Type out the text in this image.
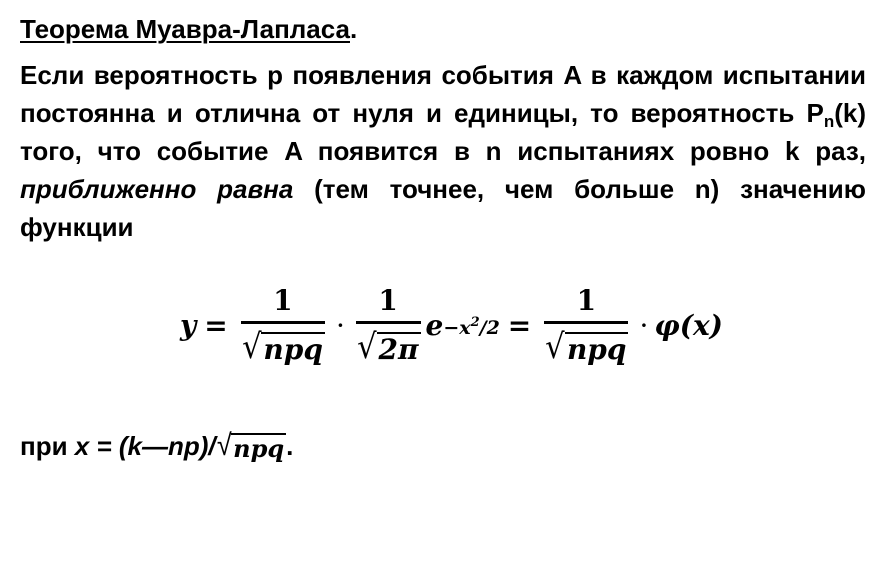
Теорема Муавра-Лапласа.
Если вероятность p появления события A в каждом испытании постоянна и отлична от нуля и единицы, то вероятность $P_n(k)$ того, что событие A появится в n испытаниях ровно k раз, приближенно равна (тем точнее, чем больше n) значению функции
$y = \frac{1}{\text{√ npq}} \cdot \frac{1}{√ 2\pi}$ $e -x^2/2 = \frac{1}{\text{√ npq}} \cdot \varphi(x)$
при x = (k—np)/ √ npq .
